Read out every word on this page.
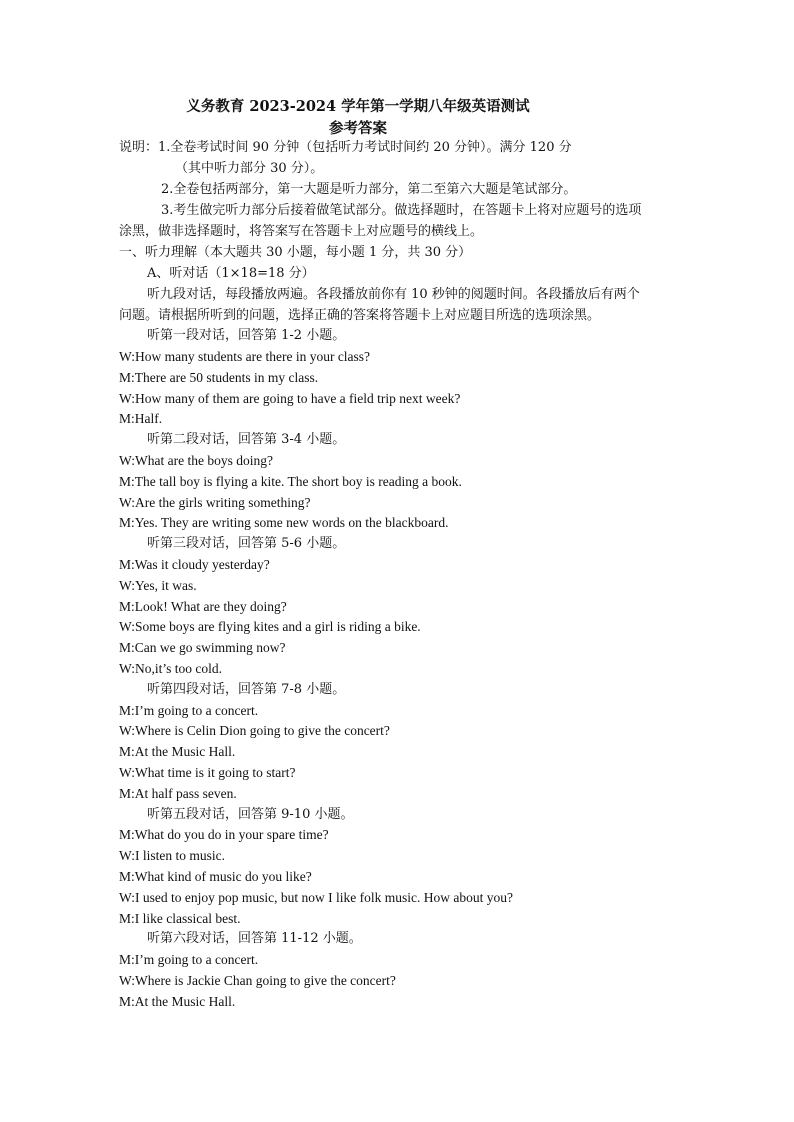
义务教育 2023-2024 学年第一学期八年级英语测试
参考答案
说明：1.全卷考试时间 90 分钟（包括听力考试时间约 20 分钟）。满分 120 分
（其中听力部分 30 分）。
2.全卷包括两部分，第一大题是听力部分，第二至第六大题是笔试部分。
3.考生做完听力部分后接着做笔试部分。做选择题时，在答题卡上将对应题号的选项
涂黑，做非选择题时，将答案写在答题卡上对应题号的横线上。
一、听力理解（本大题共 30 小题，每小题 1 分，共 30 分）
A、听对话（1×18=18 分）
听九段对话，每段播放两遍。各段播放前你有 10 秒钟的阅题时间。各段播放后有两个
问题。请根据所听到的问题，选择正确的答案将答题卡上对应题目所选的选项涂黑。
听第一段对话，回答第 1-2 小题。
W:How many students are there in your class?
M:There are 50 students in my class.
W:How many of them are going to have a field trip next week?
M:Half.
听第二段对话，回答第 3-4 小题。
W:What are the boys doing?
M:The tall boy is flying a kite. The short boy is reading a book.
W:Are the girls writing something?
M:Yes. They are writing some new words on the blackboard.
听第三段对话，回答第 5-6 小题。
M:Was it cloudy yesterday?
W:Yes, it was.
M:Look! What are they doing?
W:Some boys are flying kites and a girl is riding a bike.
M:Can we go swimming now?
W:No,it’s too cold.
听第四段对话，回答第 7-8 小题。
M:I’m going to a concert.
W:Where is Celin Dion going to give the concert?
M:At the Music Hall.
W:What time is it going to start?
M:At half pass seven.
听第五段对话，回答第 9-10 小题。
M:What do you do in your spare time?
W:I listen to music.
M:What kind of music do you like?
W:I used to enjoy pop music, but now I like folk music. How about you?
M:I like classical best.
听第六段对话，回答第 11-12 小题。
M:I’m going to a concert.
W:Where is Jackie Chan going to give the concert?
M:At the Music Hall.
